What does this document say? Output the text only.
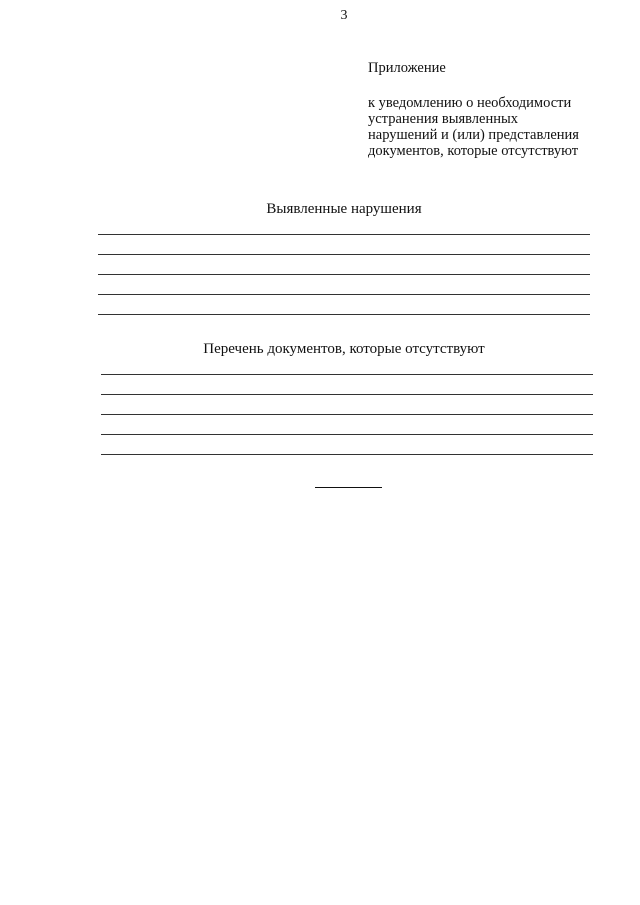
3
Приложение
к уведомлению о необходимости
устранения выявленных
нарушений и (или) представления
документов, которые отсутствуют
Выявленные нарушения
Перечень документов, которые отсутствуют
